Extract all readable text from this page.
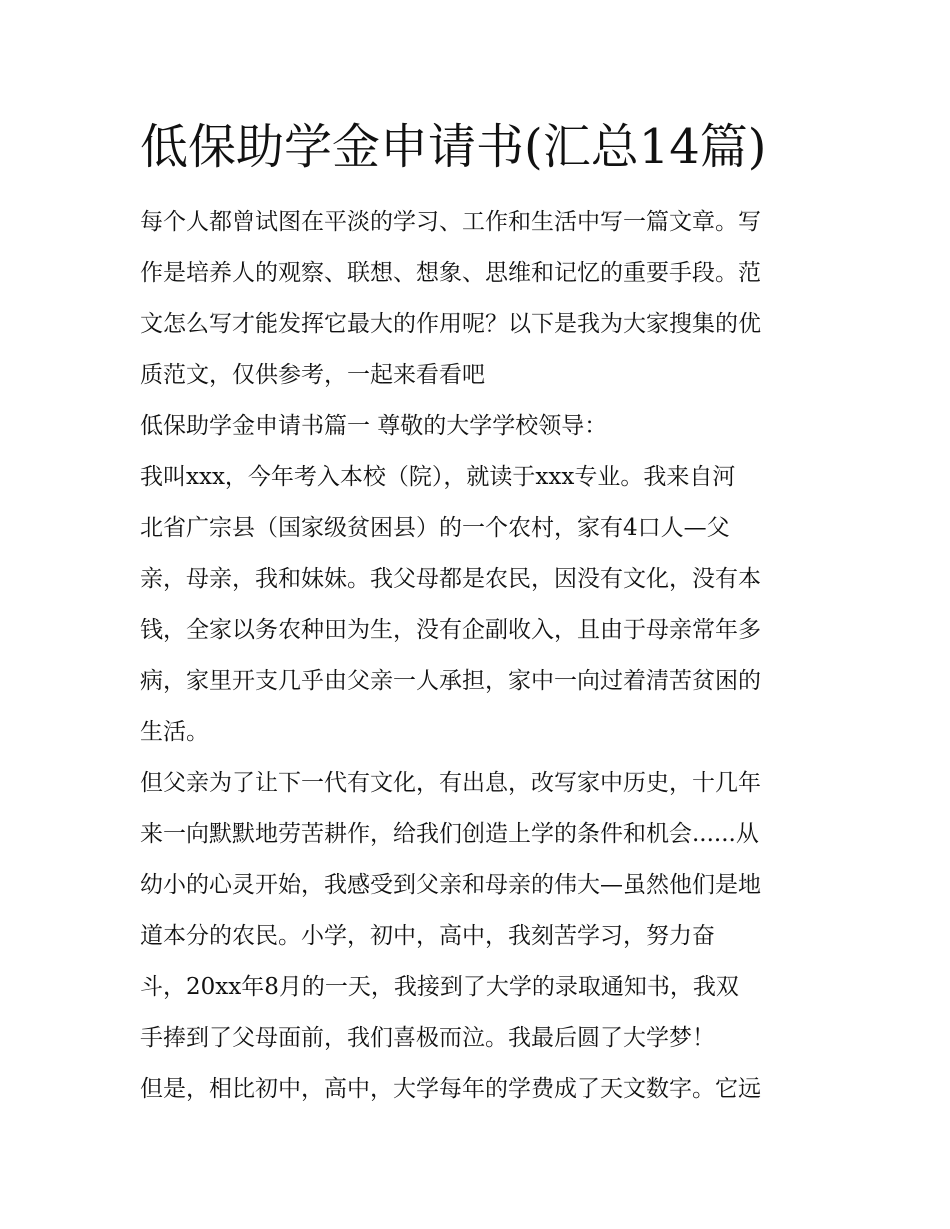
低保助学金申请书(汇总14篇)

每个人都曾试图在平淡的学习、工作和生活中写一篇文章。写

作是培养人的观察、联想、想象、思维和记忆的重要手段。范

文怎么写才能发挥它最大的作用呢？以下是我为大家搜集的优

质范文，仅供参考，一起来看看吧

低保助学金申请书篇一 尊敬的大学学校领导：

我叫xxx，今年考入本校（院），就读于xxx专业。我来自河

北省广宗县（国家级贫困县）的一个农村，家有4口人—父

亲，母亲，我和妹妹。我父母都是农民，因没有文化，没有本

钱，全家以务农种田为生，没有企副收入，且由于母亲常年多

病，家里开支几乎由父亲一人承担，家中一向过着清苦贫困的

生活。

但父亲为了让下一代有文化，有出息，改写家中历史，十几年

来一向默默地劳苦耕作，给我们创造上学的条件和机会......从

幼小的心灵开始，我感受到父亲和母亲的伟大—虽然他们是地

道本分的农民。小学，初中，高中，我刻苦学习，努力奋

斗，20xx年8月的一天，我接到了大学的录取通知书，我双

手捧到了父母面前，我们喜极而泣。我最后圆了大学梦！

但是，相比初中，高中，大学每年的学费成了天文数字。它远
